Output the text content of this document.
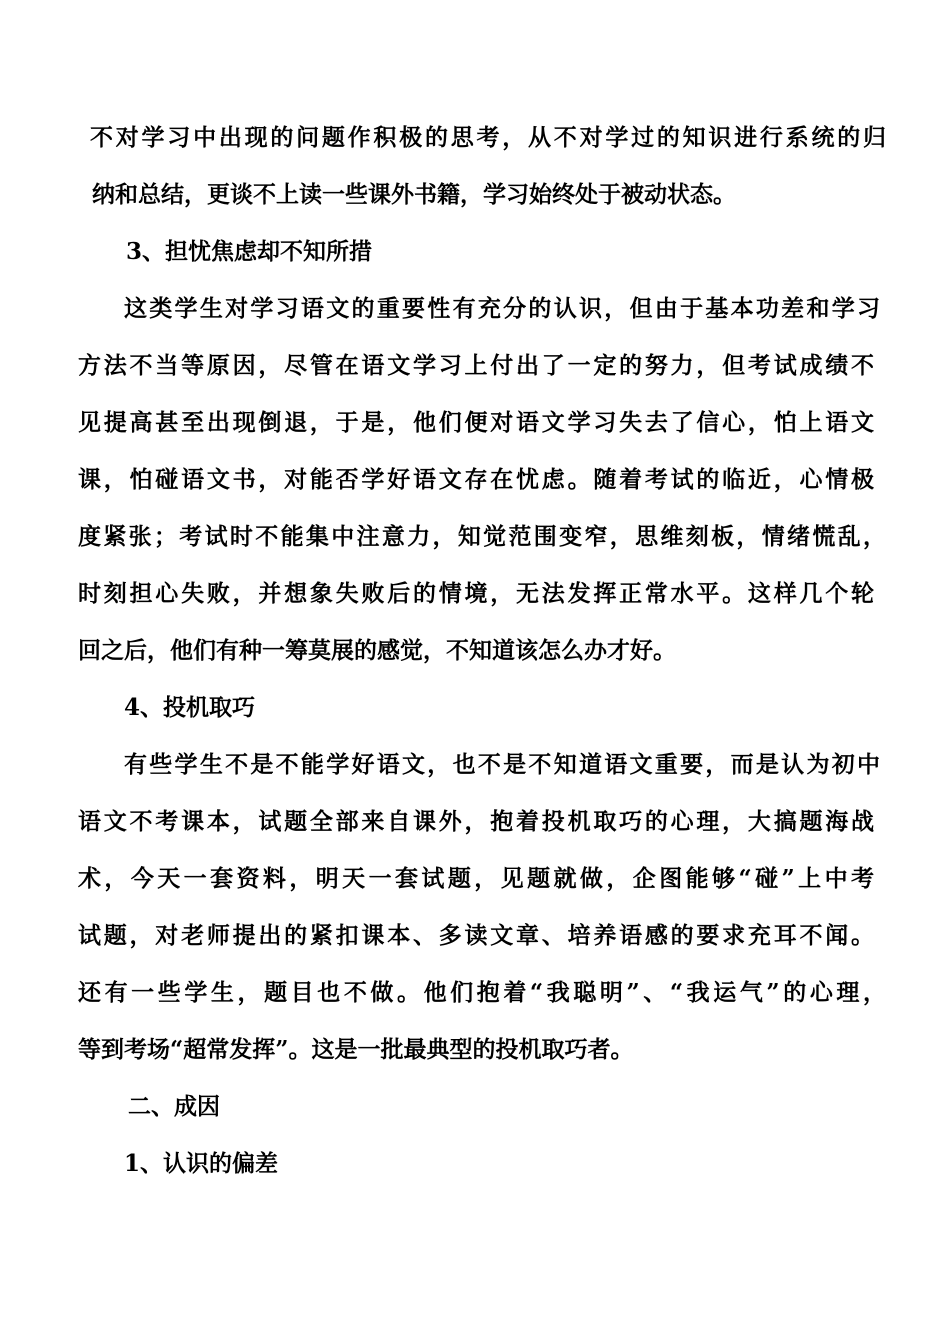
不对学习中出现的问题作积极的思考，从不对学过的知识进行系统的归
纳和总结，更谈不上读一些课外书籍，学习始终处于被动状态。
3、担忧焦虑却不知所措
这类学生对学习语文的重要性有充分的认识，但由于基本功差和学习
方法不当等原因，尽管在语文学习上付出了一定的努力，但考试成绩不
见提高甚至出现倒退，于是，他们便对语文学习失去了信心，怕上语文
课，怕碰语文书，对能否学好语文存在忧虑。随着考试的临近，心情极
度紧张；考试时不能集中注意力，知觉范围变窄，思维刻板，情绪慌乱，
时刻担心失败，并想象失败后的情境，无法发挥正常水平。这样几个轮
回之后，他们有种一筹莫展的感觉，不知道该怎么办才好。
4、投机取巧
有些学生不是不能学好语文，也不是不知道语文重要，而是认为初中
语文不考课本，试题全部来自课外，抱着投机取巧的心理，大搞题海战
术，今天一套资料，明天一套试题，见题就做，企图能够“碰”上中考
试题，对老师提出的紧扣课本、多读文章、培养语感的要求充耳不闻。
还有一些学生，题目也不做。他们抱着“我聪明”、“我运气”的心理，
等到考场“超常发挥”。这是一批最典型的投机取巧者。
二、成因
1、认识的偏差
